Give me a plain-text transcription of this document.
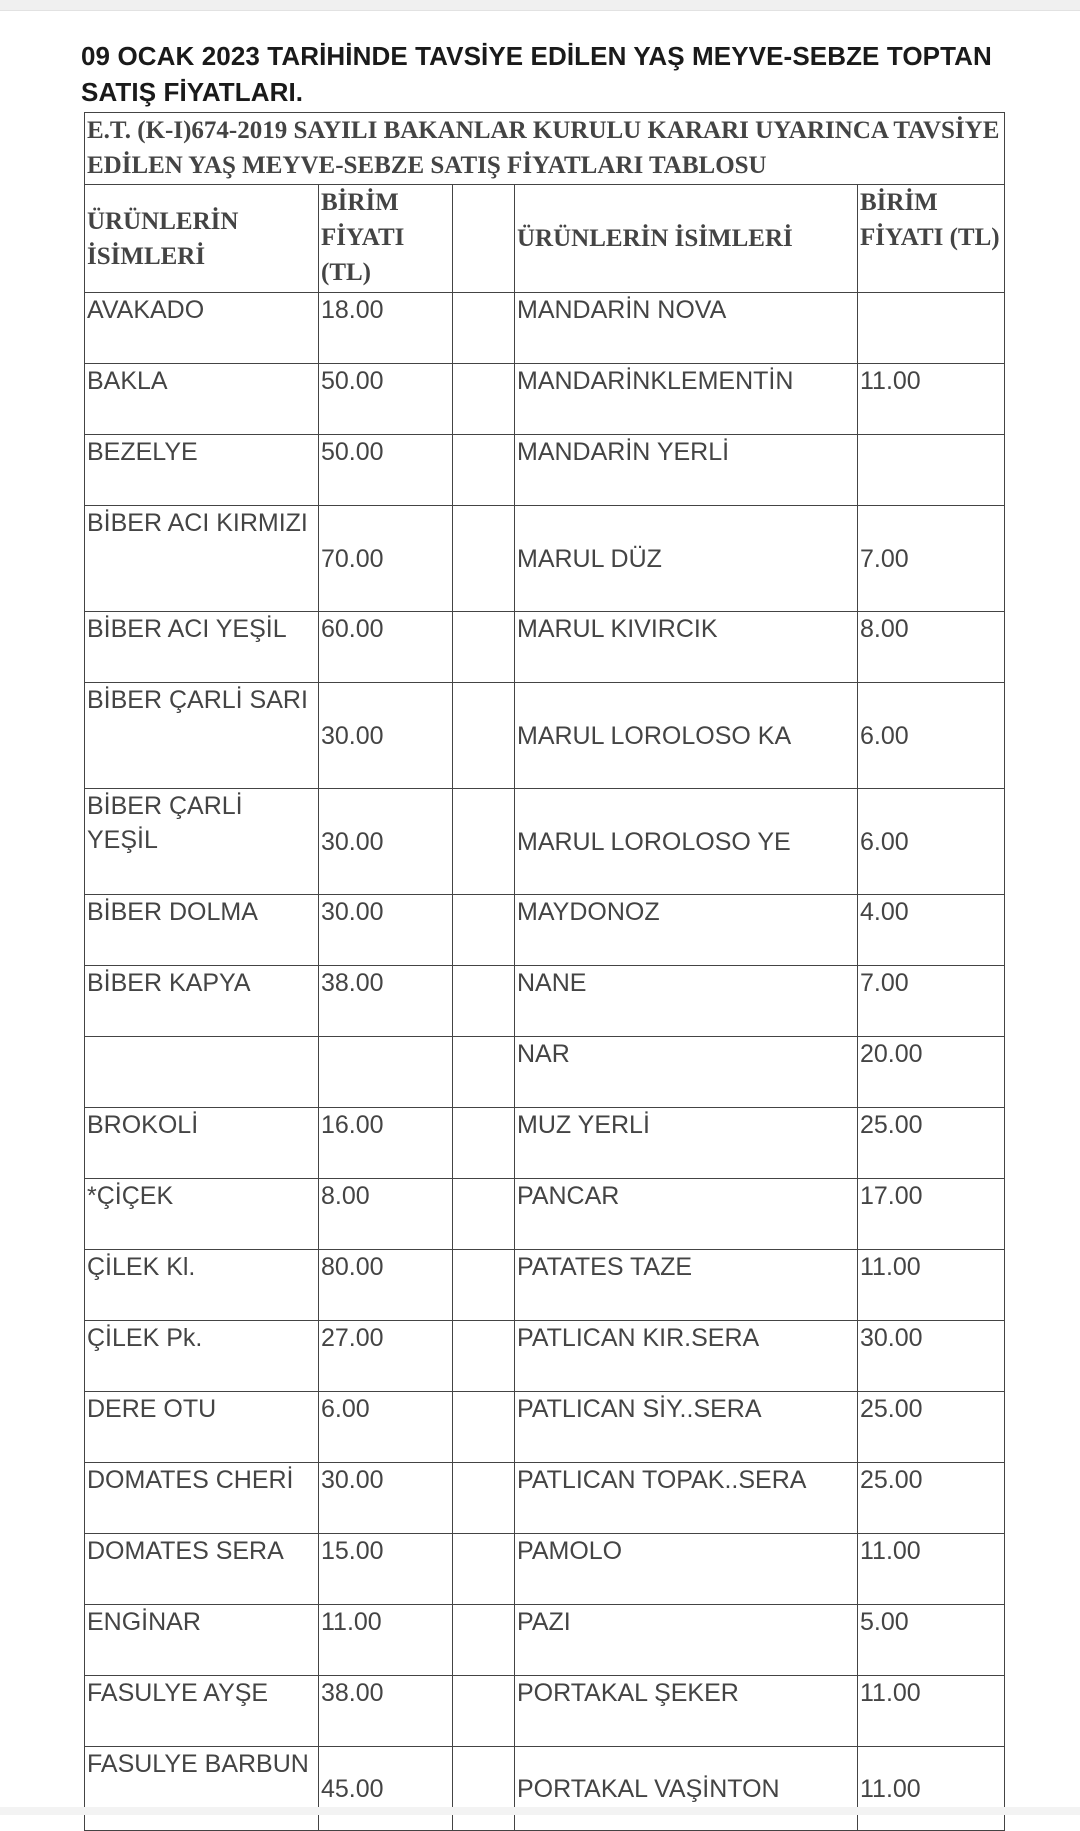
09 OCAK 2023 TARİHİNDE TAVSİYE EDİLEN YAŞ MEYVE-SEBZE TOPTAN SATIŞ FİYATLARI.
E.T. (K-I)674-2019 SAYILI BAKANLAR KURULU KARARI UYARINCA TAVSİYE EDİLEN YAŞ MEYVE-SEBZE SATIŞ FİYATLARI TABLOSU				
ÜRÜNLERİN İSİMLERİ	BİRİM FİYATI (TL)		ÜRÜNLERİN İSİMLERİ	BİRİM FİYATI (TL)
AVAKADO	18.00		MANDARİN NOVA	
BAKLA	50.00		MANDARİNKLEMENTİN	11.00
BEZELYE	50.00		MANDARİN YERLİ	
BİBER ACI KIRMIZI	70.00		MARUL DÜZ	7.00
BİBER ACI YEŞİL	60.00		MARUL KIVIRCIK	8.00
BİBER ÇARLİ SARI	30.00		MARUL LOROLOSO KA	6.00
BİBER ÇARLİ YEŞİL	30.00		MARUL LOROLOSO YE	6.00
BİBER DOLMA	30.00		MAYDONOZ	4.00
BİBER KAPYA	38.00		NANE	7.00
			NAR	20.00
BROKOLİ	16.00		MUZ YERLİ	25.00
*ÇİÇEK	8.00		PANCAR	17.00
ÇİLEK Kl.	80.00		PATATES TAZE	11.00
ÇİLEK Pk.	27.00		PATLICAN KIR.SERA	30.00
DERE OTU	6.00		PATLICAN SİY..SERA	25.00
DOMATES CHERİ	30.00		PATLICAN TOPAK..SERA	25.00
DOMATES SERA	15.00		PAMOLO	11.00
ENGİNAR	11.00		PAZI	5.00
FASULYE AYŞE	38.00		PORTAKAL ŞEKER	11.00
FASULYE BARBUN	45.00		PORTAKAL VAŞİNTON	11.00
